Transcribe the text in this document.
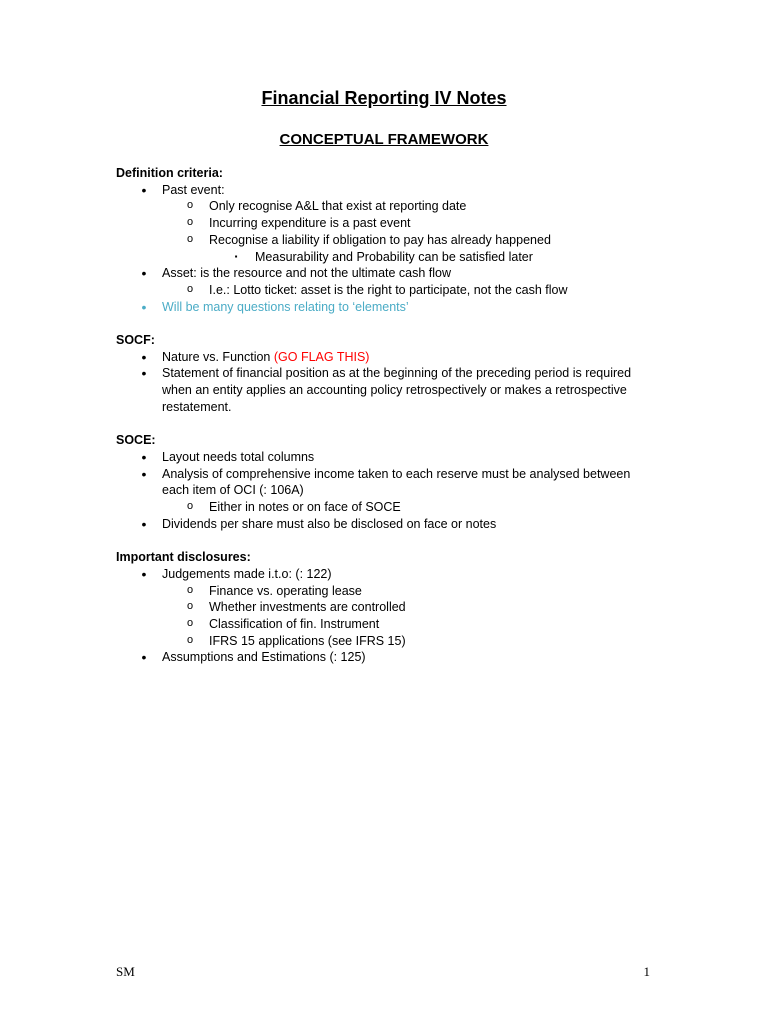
Financial Reporting IV Notes
CONCEPTUAL FRAMEWORK

Definition criteria:

•	Past event:

o Only recognise A&L that exist at reporting date

o Incurring expenditure is a past event

o Recognise a liability if obligation to pay has already happened

▪	Measurability and Probability can be satisfied later

•	Asset: is the resource and not the ultimate cash flow

o I.e.: Lotto ticket: asset is the right to participate, not the cash flow

•	Will be many questions relating to ‘elements’

SOCF:

•	Nature vs. Function (GO FLAG THIS)

•	Statement of financial position as at the beginning of the preceding period is required when an entity applies an accounting policy retrospectively or makes a retrospective restatement.

SOCE:

•	Layout needs total columns

•	Analysis of comprehensive income taken to each reserve must be analysed between each item of OCI (: 106A)

o Either in notes or on face of SOCE

•	Dividends per share must also be disclosed on face or notes

Important disclosures:

•	Judgements made i.t.o: (: 122)

o Finance vs. operating lease

o Whether investments are controlled

o Classification of fin. Instrument

o IFRS 15 applications (see IFRS 15)

•	Assumptions and Estimations (: 125)

SM	1
